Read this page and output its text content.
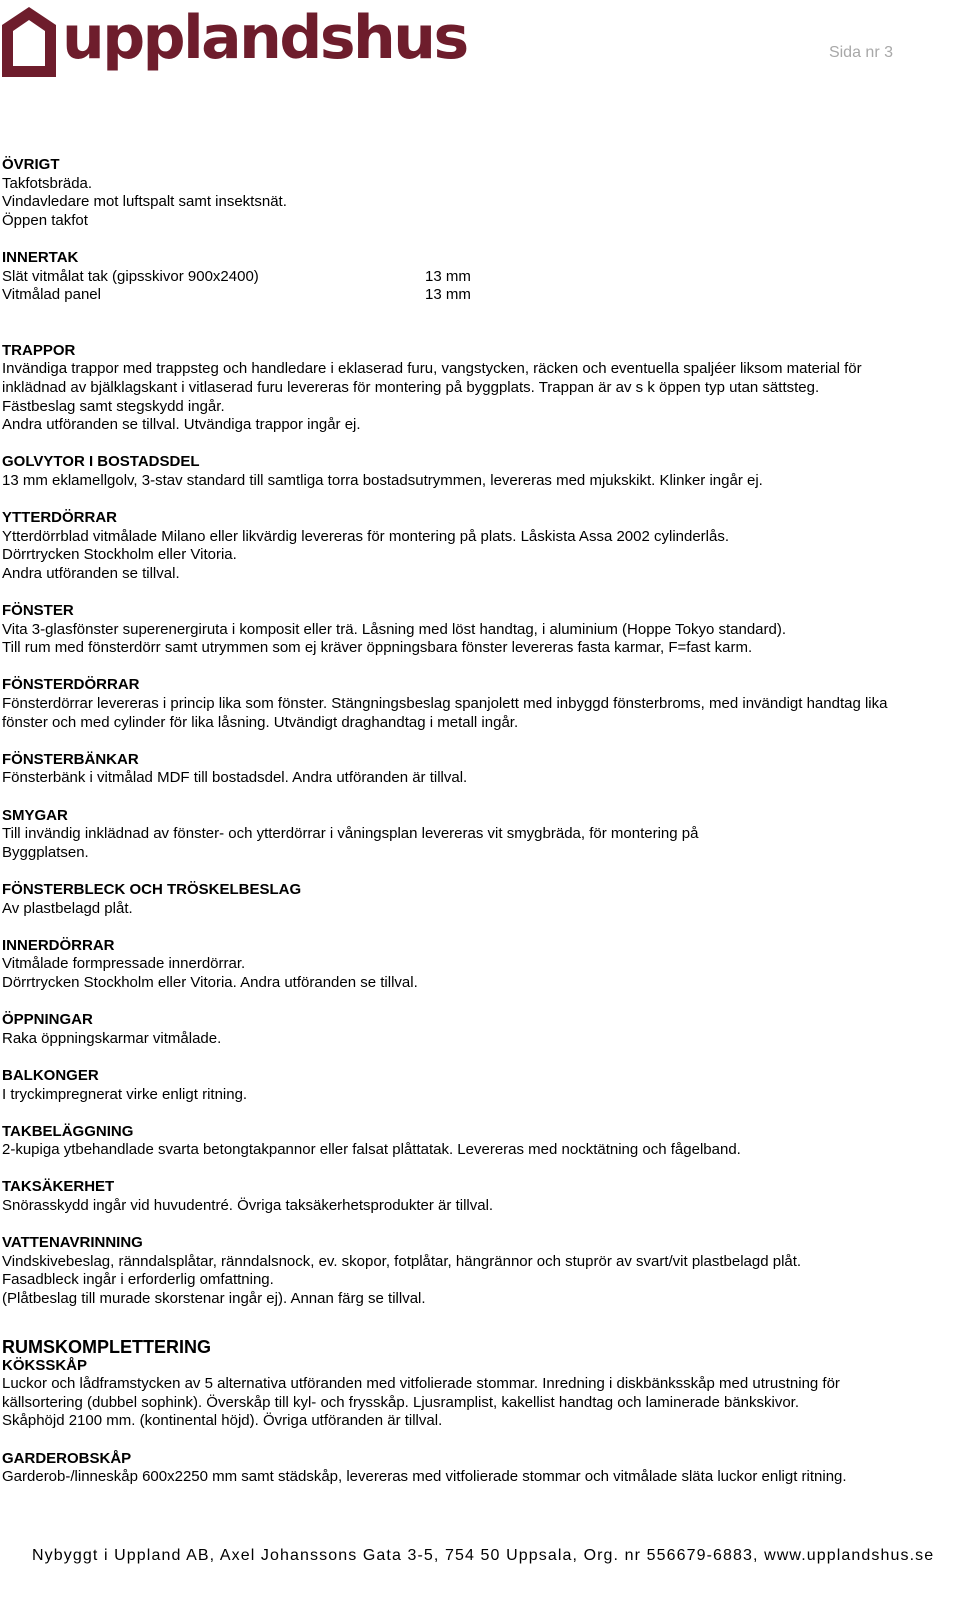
upplandshus	Sida nr 3
ÖVRIGT
Takfotsbräda.
Vindavledare mot luftspalt samt insektsnät.
Öppen takfot
INNERTAK
Slät vitmålat tak (gipsskivor 900x2400)	13 mm
Vitmålad panel	13 mm
TRAPPOR
Invändiga trappor med trappsteg och handledare i eklaserad furu, vangstycken, räcken och eventuella spaljéer liksom material för
inklädnad av bjälklagskant i vitlaserad furu levereras för montering på byggplats. Trappan är av s k öppen typ utan sättsteg.
Fästbeslag samt stegskydd ingår.
Andra utföranden se tillval. Utvändiga trappor ingår ej.
GOLVYTOR I BOSTADSDEL
13 mm eklamellgolv, 3-stav standard till samtliga torra bostadsutrymmen, levereras med mjukskikt. Klinker ingår ej.
YTTERDÖRRAR
Ytterdörrblad vitmålade Milano eller likvärdig levereras för montering på plats. Låskista Assa 2002 cylinderlås.
Dörrtrycken Stockholm eller Vitoria.
Andra utföranden se tillval.
FÖNSTER
Vita 3-glasfönster superenergiruta i komposit eller trä. Låsning med löst handtag, i aluminium (Hoppe Tokyo standard).
Till rum med fönsterdörr samt utrymmen som ej kräver öppningsbara fönster levereras fasta karmar, F=fast karm.
FÖNSTERDÖRRAR
Fönsterdörrar levereras i princip lika som fönster. Stängningsbeslag spanjolett med inbyggd fönsterbroms, med invändigt handtag lika
fönster och med cylinder för lika låsning. Utvändigt draghandtag i metall ingår.
FÖNSTERBÄNKAR
Fönsterbänk i vitmålad MDF till bostadsdel. Andra utföranden är tillval.
SMYGAR
Till invändig inklädnad av fönster- och ytterdörrar i våningsplan levereras vit smygbräda, för montering på
Byggplatsen.
FÖNSTERBLECK OCH TRÖSKELBESLAG
Av plastbelagd plåt.
INNERDÖRRAR
Vitmålade formpressade innerdörrar.
Dörrtrycken Stockholm eller Vitoria. Andra utföranden se tillval.
ÖPPNINGAR
Raka öppningskarmar vitmålade.
BALKONGER
I tryckimpregnerat virke enligt ritning.
TAKBELÄGGNING
2-kupiga ytbehandlade svarta betongtakpannor eller falsat plåttatak. Levereras med nocktätning och fågelband.
TAKSÄKERHET
Snörasskydd ingår vid huvudentré. Övriga taksäkerhetsprodukter är tillval.
VATTENAVRINNING
Vindskivebeslag, ränndalsplåtar, ränndalsnock, ev. skopor, fotplåtar, hängrännor och stuprör av svart/vit plastbelagd plåt.
Fasadbleck ingår i erforderlig omfattning.
(Plåtbeslag till murade skorstenar ingår ej). Annan färg se tillval.
RUMSKOMPLETTERING
KÖKSSKÅP
Luckor och lådframstycken av 5 alternativa utföranden med vitfolierade stommar. Inredning i diskbänksskåp med utrustning för
källsortering (dubbel sophink). Överskåp till kyl- och frysskåp. Ljusramplist, kakellist handtag och laminerade bänkskivor.
Skåphöjd 2100 mm. (kontinental höjd). Övriga utföranden är tillval.
GARDEROBSKÅP
Garderob-/linneskåp 600x2250 mm samt städskåp, levereras med vitfolierade stommar och vitmålade släta luckor enligt ritning.
Nybyggt i Uppland AB, Axel Johanssons Gata 3-5, 754 50 Uppsala, Org. nr 556679-6883, www.upplandshus.se
